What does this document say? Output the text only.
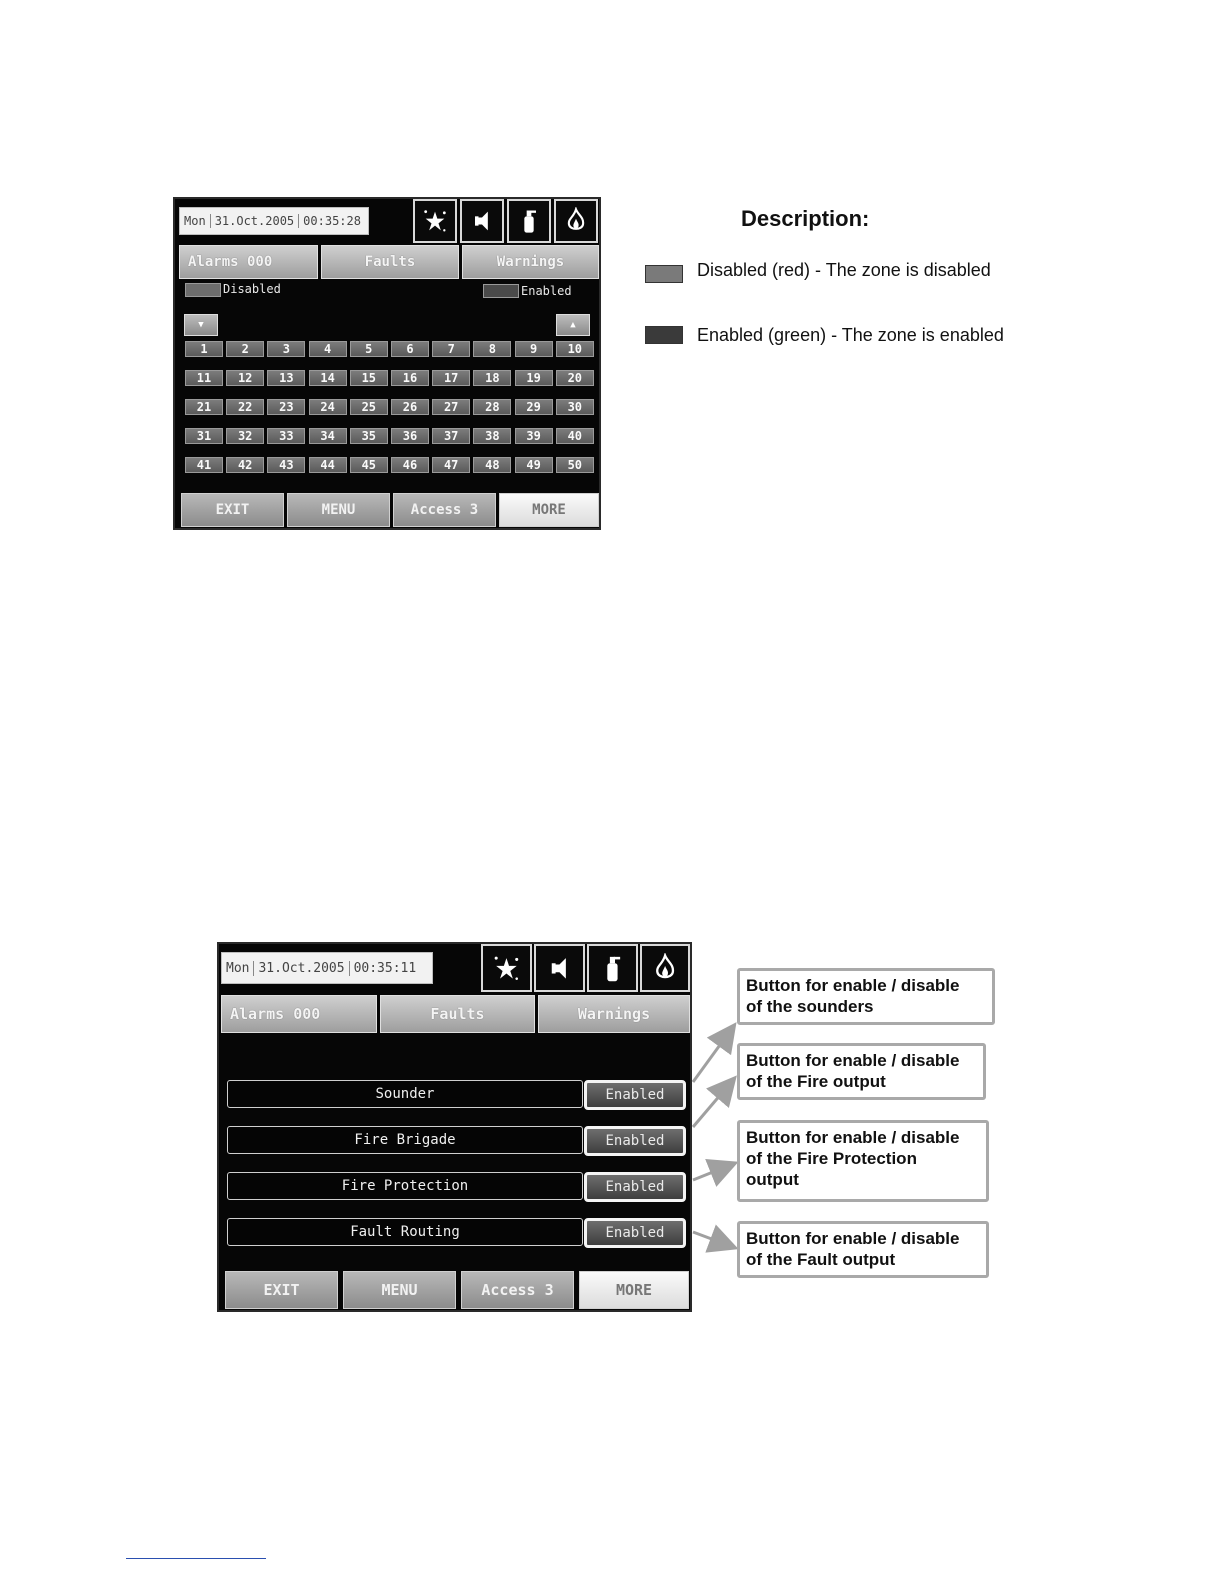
Mon 31.Oct.2005 00:35:28
Alarms 000	Faults	Warnings
Disabled	Enabled
▼	▲
1	2	3	4	5	6	7	8	9	10
11	12	13	14	15	16	17	18	19	20
21	22	23	24	25	26	27	28	29	30
31	32	33	34	35	36	37	38	39	40
41	42	43	44	45	46	47	48	49	50
EXIT	MENU	Access 3	MORE
Description:
Disabled (red) - The zone is disabled
Enabled (green) - The zone is enabled
Mon 31.Oct.2005 00:35:11
Alarms 000	Faults	Warnings
Sounder	Enabled
Fire Brigade	Enabled
Fire Protection	Enabled
Fault Routing	Enabled
EXIT	MENU	Access 3	MORE
Button for enable / disable
of the sounders
Button for enable / disable
of the Fire output
Button for enable / disable
of the Fire Protection
output
Button for enable / disable
of the Fault output
